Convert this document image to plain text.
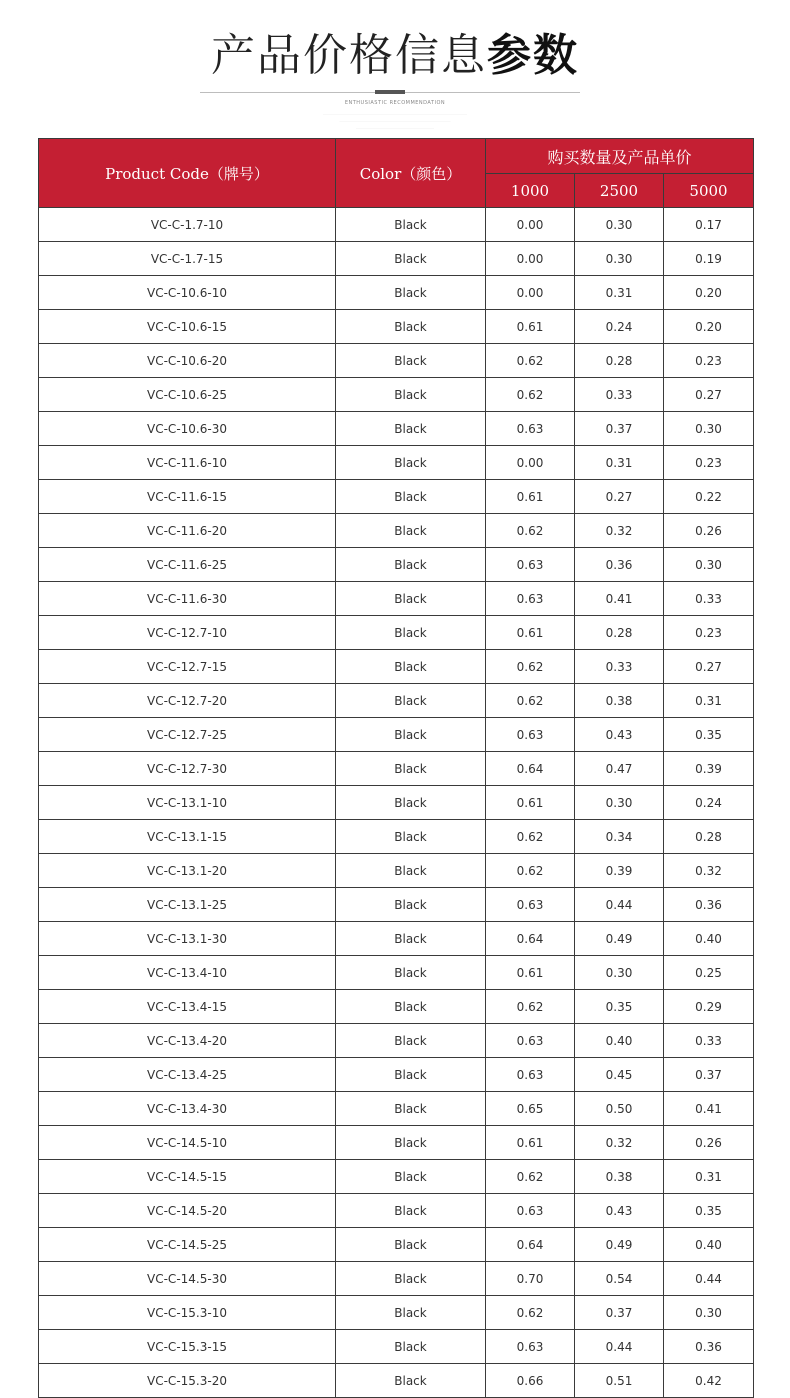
产品价格信息参数
ENTHUSIASTIC RECOMMENDATION
………………………………………………………………………………………………………………………………
…………………………………………………………………………………………………
……………………………………………………………………
Product Code（牌号）	Color（颜色）	购买数量及产品单价		
		1000	2500	5000
VC-C-1.7-10	Black	0.00	0.30	0.17
VC-C-1.7-15	Black	0.00	0.30	0.19
VC-C-10.6-10	Black	0.00	0.31	0.20
VC-C-10.6-15	Black	0.61	0.24	0.20
VC-C-10.6-20	Black	0.62	0.28	0.23
VC-C-10.6-25	Black	0.62	0.33	0.27
VC-C-10.6-30	Black	0.63	0.37	0.30
VC-C-11.6-10	Black	0.00	0.31	0.23
VC-C-11.6-15	Black	0.61	0.27	0.22
VC-C-11.6-20	Black	0.62	0.32	0.26
VC-C-11.6-25	Black	0.63	0.36	0.30
VC-C-11.6-30	Black	0.63	0.41	0.33
VC-C-12.7-10	Black	0.61	0.28	0.23
VC-C-12.7-15	Black	0.62	0.33	0.27
VC-C-12.7-20	Black	0.62	0.38	0.31
VC-C-12.7-25	Black	0.63	0.43	0.35
VC-C-12.7-30	Black	0.64	0.47	0.39
VC-C-13.1-10	Black	0.61	0.30	0.24
VC-C-13.1-15	Black	0.62	0.34	0.28
VC-C-13.1-20	Black	0.62	0.39	0.32
VC-C-13.1-25	Black	0.63	0.44	0.36
VC-C-13.1-30	Black	0.64	0.49	0.40
VC-C-13.4-10	Black	0.61	0.30	0.25
VC-C-13.4-15	Black	0.62	0.35	0.29
VC-C-13.4-20	Black	0.63	0.40	0.33
VC-C-13.4-25	Black	0.63	0.45	0.37
VC-C-13.4-30	Black	0.65	0.50	0.41
VC-C-14.5-10	Black	0.61	0.32	0.26
VC-C-14.5-15	Black	0.62	0.38	0.31
VC-C-14.5-20	Black	0.63	0.43	0.35
VC-C-14.5-25	Black	0.64	0.49	0.40
VC-C-14.5-30	Black	0.70	0.54	0.44
VC-C-15.3-10	Black	0.62	0.37	0.30
VC-C-15.3-15	Black	0.63	0.44	0.36
VC-C-15.3-20	Black	0.66	0.51	0.42
